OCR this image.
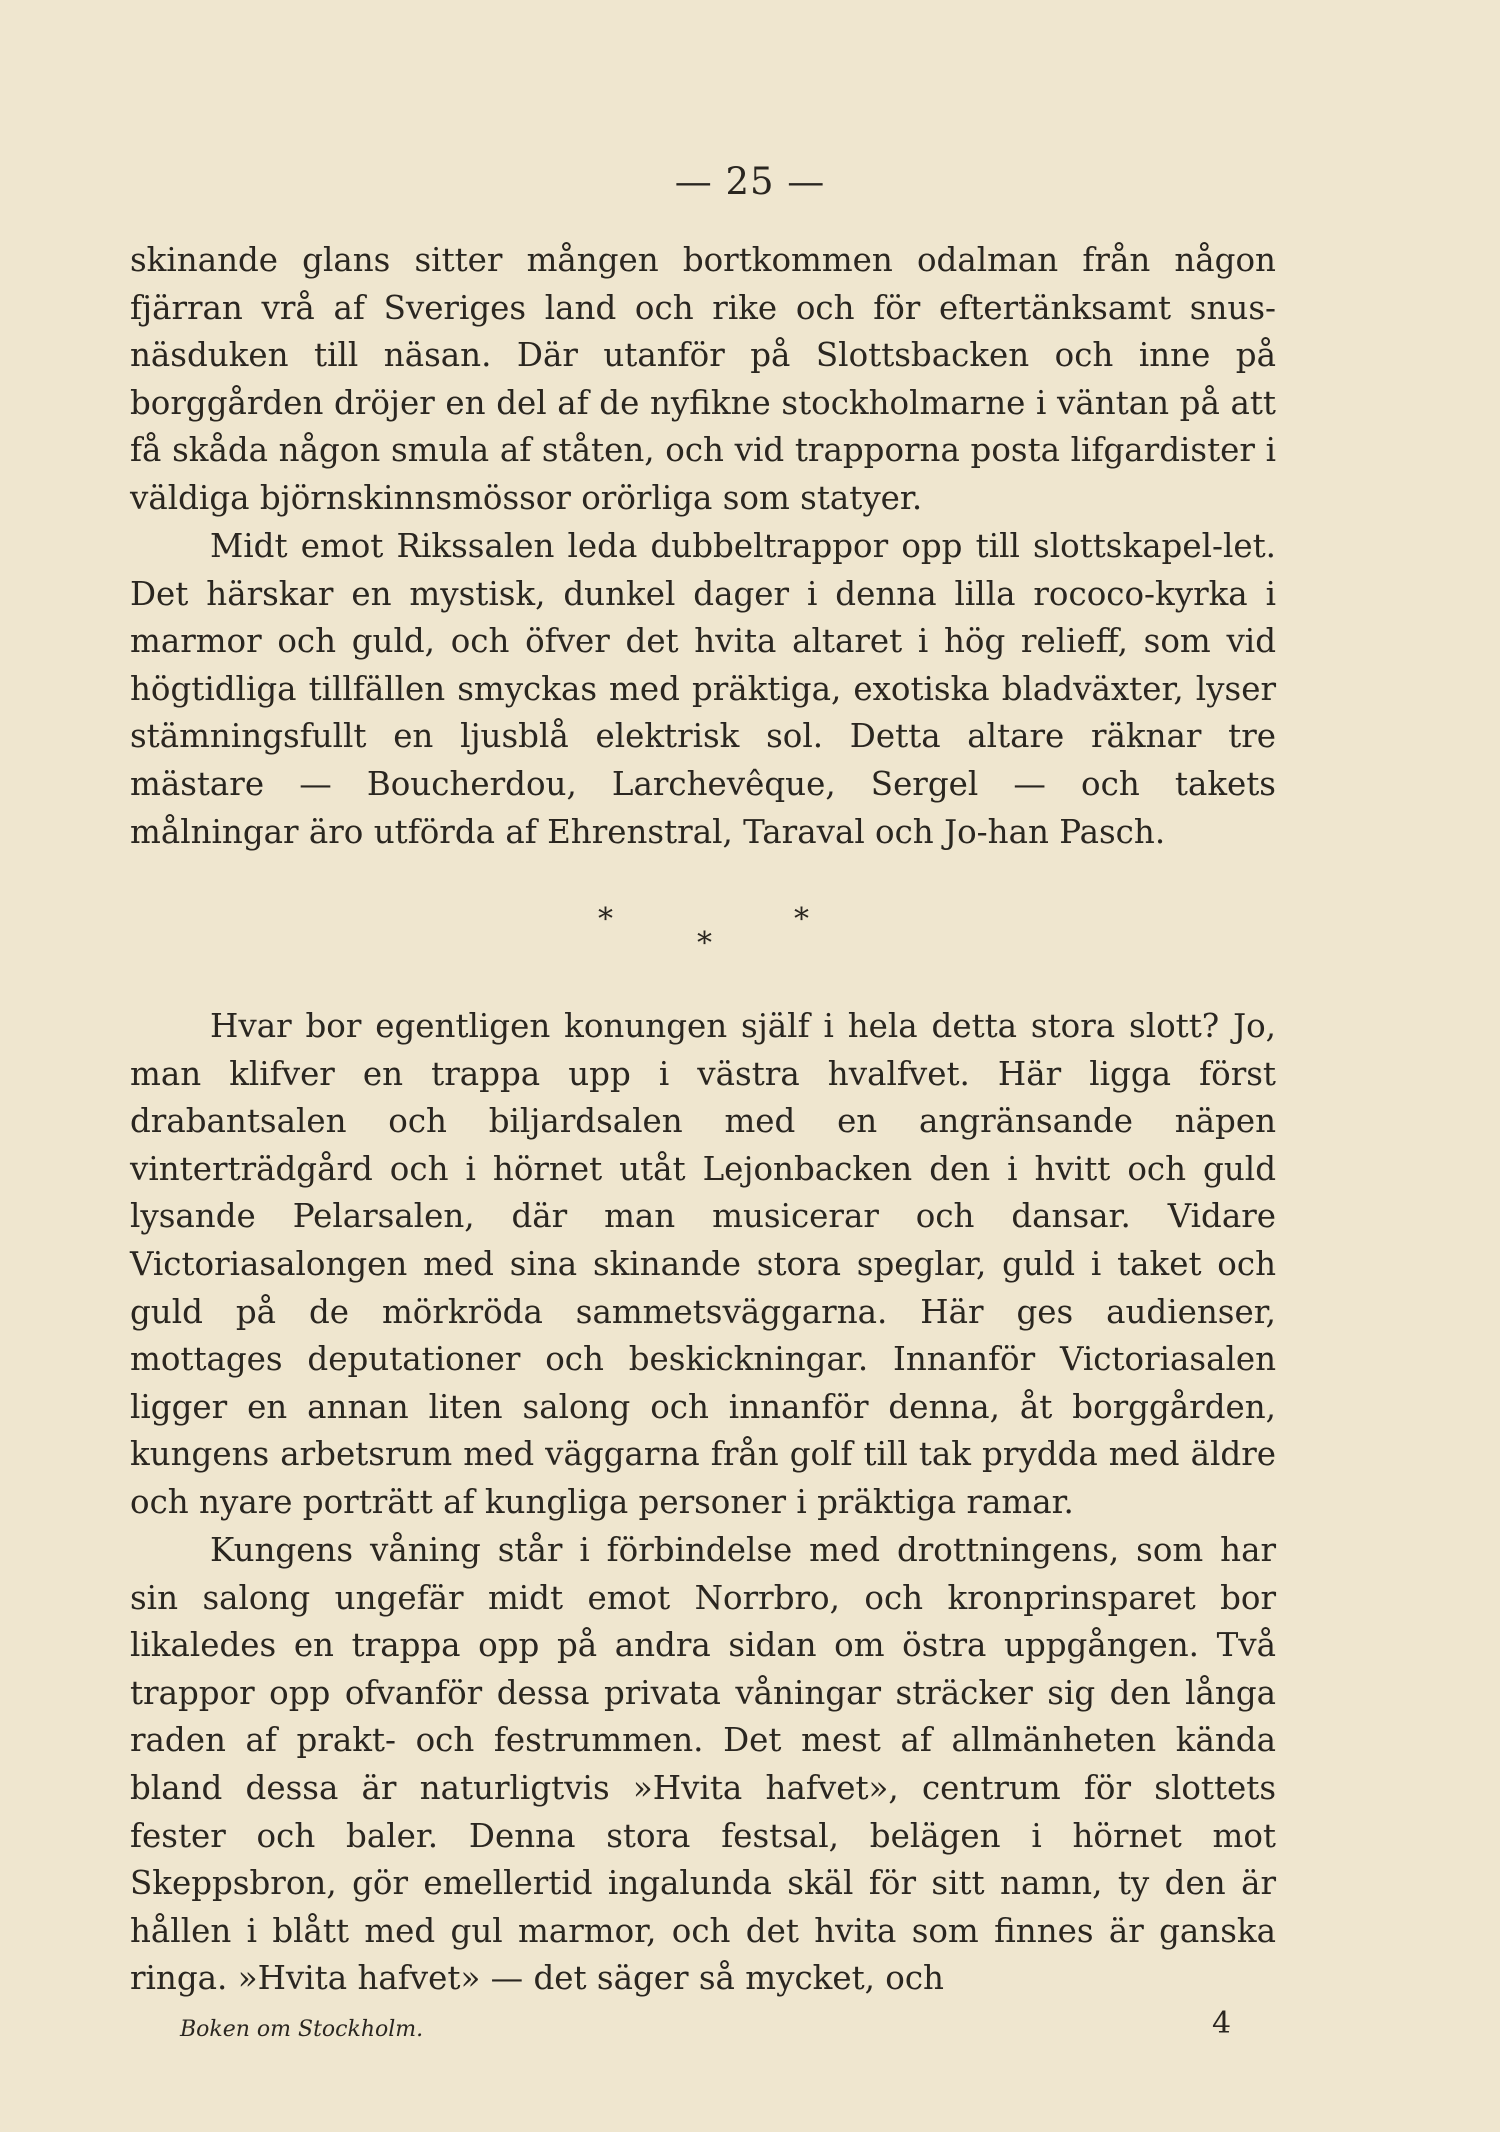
— 25 —

skinande glans sitter mången bortkommen odalman från någon fjärran vrå af Sveriges land och rike och för eftertänksamt snus-näsduken till näsan. Där utanför på Slottsbacken och inne på borggården dröjer en del af de nyfikne stockholmarne i väntan på att få skåda någon smula af ståten, och vid trapporna posta lifgardister i väldiga björnskinnsmössor orörliga som statyer.

Midt emot Rikssalen leda dubbeltrappor opp till slottskapel-let. Det härskar en mystisk, dunkel dager i denna lilla rococo-kyrka i marmor och guld, och öfver det hvita altaret i hög relieff, som vid högtidliga tillfällen smyckas med präktiga, exotiska bladväxter, lyser stämningsfullt en ljusblå elektrisk sol. Detta altare räknar tre mästare — Boucherdou, Larchevêque, Sergel — och takets målningar äro utförda af Ehrenstral, Taraval och Jo-han Pasch.

*	*
*

Hvar bor egentligen konungen själf i hela detta stora slott? Jo, man klifver en trappa upp i västra hvalfvet. Här ligga först drabantsalen och biljardsalen med en angränsande näpen vinterträdgård och i hörnet utåt Lejonbacken den i hvitt och guld lysande Pelarsalen, där man musicerar och dansar. Vidare Victoriasalongen med sina skinande stora speglar, guld i taket och guld på de mörkröda sammetsväggarna. Här ges audienser, mottages deputationer och beskickningar. Innanför Victoriasalen ligger en annan liten salong och innanför denna, åt borggården, kungens arbetsrum med väggarna från golf till tak prydda med äldre och nyare porträtt af kungliga personer i präktiga ramar.

Kungens våning står i förbindelse med drottningens, som har sin salong ungefär midt emot Norrbro, och kronprinsparet bor likaledes en trappa opp på andra sidan om östra uppgången. Två trappor opp ofvanför dessa privata våningar sträcker sig den långa raden af prakt- och festrummen. Det mest af allmänheten kända bland dessa är naturligtvis »Hvita hafvet», centrum för slottets fester och baler. Denna stora festsal, belägen i hörnet mot Skeppsbron, gör emellertid ingalunda skäl för sitt namn, ty den är hållen i blått med gul marmor, och det hvita som finnes är ganska ringa. »Hvita hafvet» — det säger så mycket, och

Boken om Stockholm.	4
